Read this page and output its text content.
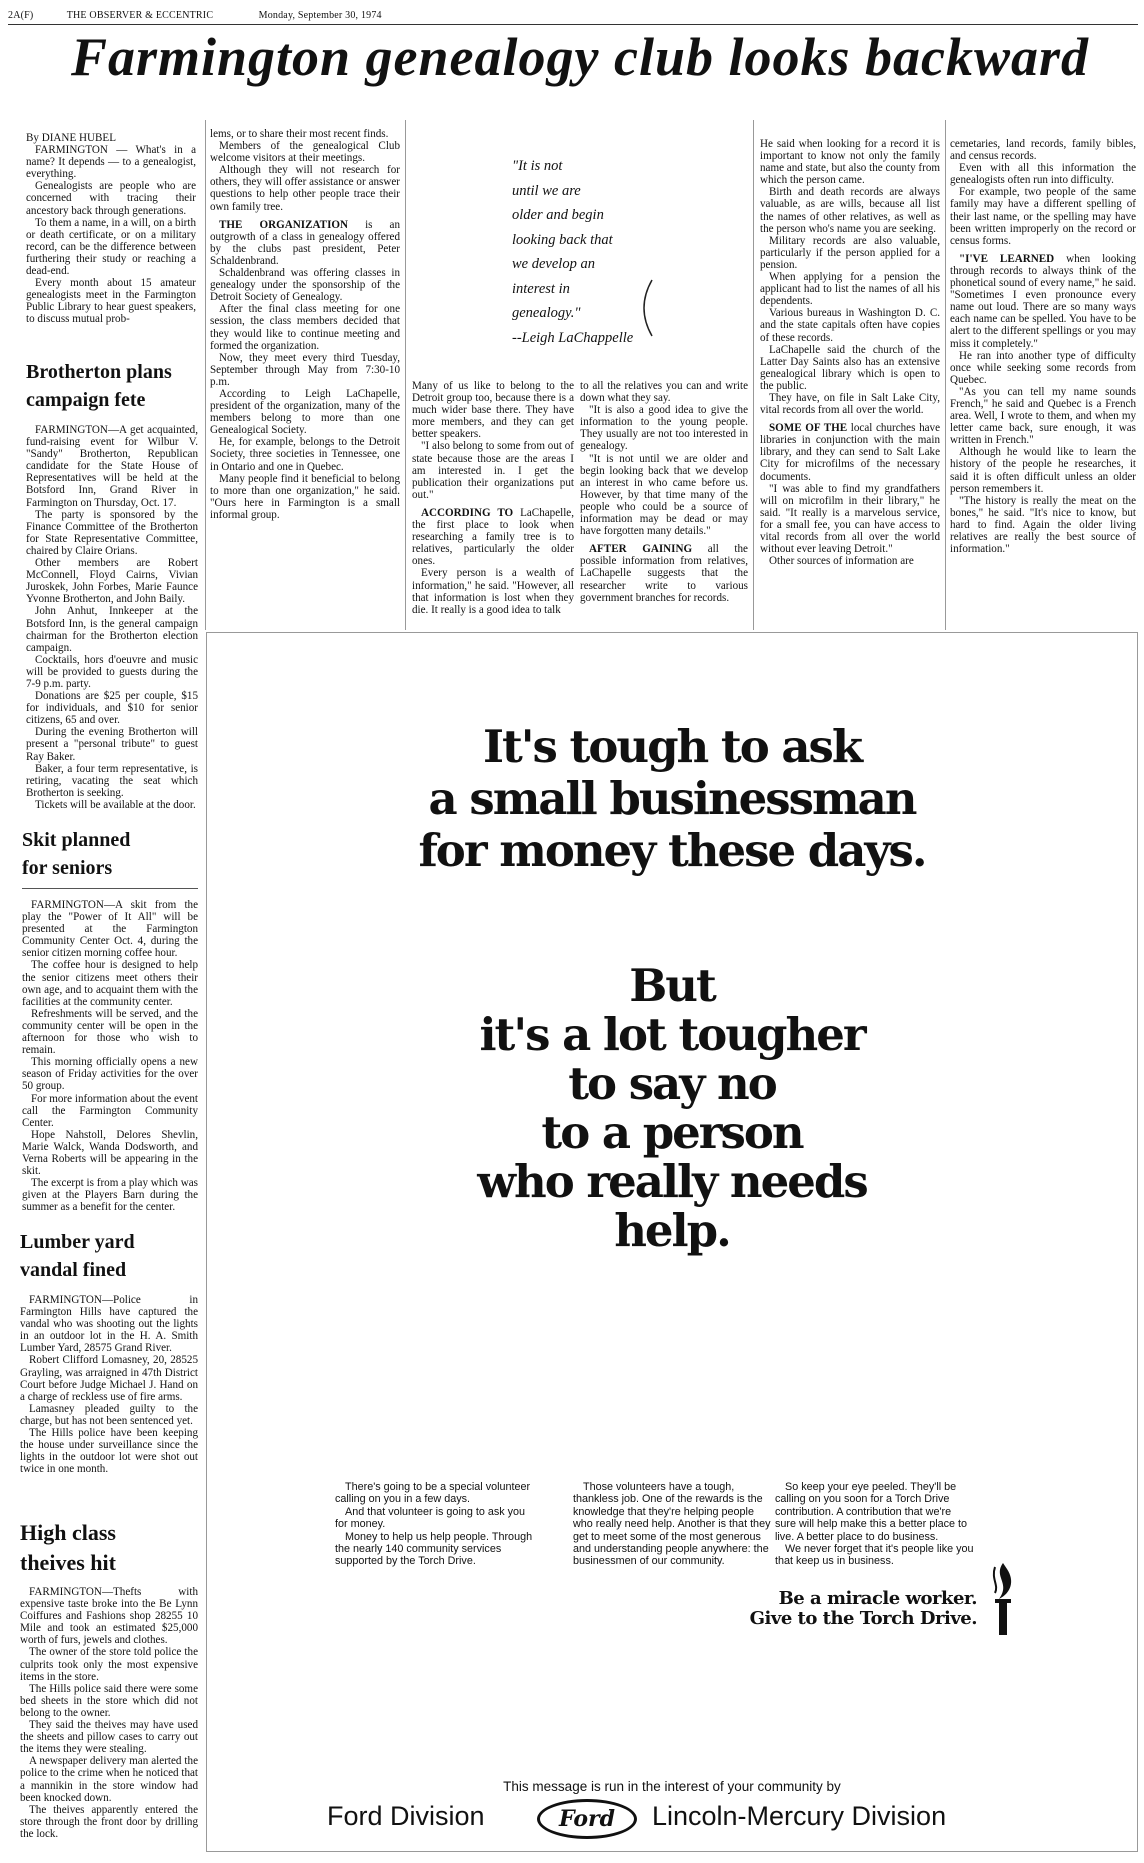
2A(F)	THE OBSERVER & ECCENTRIC	Monday, September 30, 1974
Farmington genealogy club looks backward

By DIANE HUBEL

FARMINGTON — What's in a name? It depends — to a genealogist, everything.

Genealogists are people who are concerned with tracing their ancestory back through generations.

To them a name, in a will, on a birth or death certificate, or on a military record, can be the difference between furthering their study or reaching a dead-end.

Every month about 15 amateur genealogists meet in the Farmington Public Library to hear guest speakers, to discuss mutual prob-

Brotherton plans
campaign fete

FARMINGTON—A get acquainted, fund-raising event for Wilbur V. "Sandy" Brotherton, Republican candidate for the State House of Representatives will be held at the Botsford Inn, Grand River in Farmington on Thursday, Oct. 17.

The party is sponsored by the Finance Committee of the Brotherton for State Representative Committee, chaired by Claire Orians.

Other members are Robert McConnell, Floyd Cairns, Vivian Juroskek, John Forbes, Marie Faunce Yvonne Brotherton, and John Baily.

John Anhut, Innkeeper at the Botsford Inn, is the general campaign chairman for the Brotherton election campaign.

Cocktails, hors d'oeuvre and music will be provided to guests during the 7-9 p.m. party.

Donations are $25 per couple, $15 for individuals, and $10 for senior citizens, 65 and over.

During the evening Brotherton will present a "personal tribute" to guest Ray Baker.

Baker, a four term representative, is retiring, vacating the seat which Brotherton is seeking.

Tickets will be available at the door.

Skit planned
for seniors

FARMINGTON—A skit from the play the "Power of It All" will be presented at the Farmington Community Center Oct. 4, during the senior citizen morning coffee hour.

The coffee hour is designed to help the senior citizens meet others their own age, and to acquaint them with the facilities at the community center.

Refreshments will be served, and the community center will be open in the afternoon for those who wish to remain.

This morning officially opens a new season of Friday activities for the over 50 group.

For more information about the event call the Farmington Community Center.

Hope Nahstoll, Delores Shevlin, Marie Walck, Wanda Dodsworth, and Verna Roberts will be appearing in the skit.

The excerpt is from a play which was given at the Players Barn during the summer as a benefit for the center.

Lumber yard
vandal fined

FARMINGTON—Police in Farmington Hills have captured the vandal who was shooting out the lights in an outdoor lot in the H. A. Smith Lumber Yard, 28575 Grand River.

Robert Clifford Lomasney, 20, 28525 Grayling, was arraigned in 47th District Court before Judge Michael J. Hand on a charge of reckless use of fire arms.

Lamasney pleaded guilty to the charge, but has not been sentenced yet.

The Hills police have been keeping the house under surveillance since the lights in the outdoor lot were shot out twice in one month.

High class
theives hit

FARMINGTON—Thefts with expensive taste broke into the Be Lynn Coiffures and Fashions shop 28255 10 Mile and took an estimated $25,000 worth of furs, jewels and clothes.

The owner of the store told police the culprits took only the most expensive items in the store.

The Hills police said there were some bed sheets in the store which did not belong to the owner.

They said the theives may have used the sheets and pillow cases to carry out the items they were stealing.

A newspaper delivery man alerted the police to the crime when he noticed that a mannikin in the store window had been knocked down.

The theives apparently entered the store through the front door by drilling the lock.

lems, or to share their most recent finds.

Members of the genealogical Club welcome visitors at their meetings.

Although they will not research for others, they will offer assistance or answer questions to help other people trace their own family tree.

THE ORGANIZATION is an outgrowth of a class in genealogy offered by the clubs past president, Peter Schaldenbrand.

Schaldenbrand was offering classes in genealogy under the sponsorship of the Detroit Society of Genealogy.

After the final class meeting for one session, the class members decided that they would like to continue meeting and formed the organization.

Now, they meet every third Tuesday, September through May from 7:30-10 p.m.

According to Leigh LaChapelle, president of the organization, many of the members belong to more than one Genealogical Society.

He, for example, belongs to the Detroit Society, three societies in Tennessee, one in Ontario and one in Quebec.

Many people find it beneficial to belong to more than one organization," he said. "Ours here in Farmington is a small informal group.

"It is not
until we are
older and begin
looking back that
we develop an
interest in
genealogy."
--Leigh LaChappelle

Many of us like to belong to the Detroit group too, because there is a much wider base there. They have more members, and they can get better speakers.

"I also belong to some from out of state because those are the areas I am interested in. I get the publication their organizations put out."

ACCORDING TO LaChapelle, the first place to look when researching a family tree is to relatives, particularly the older ones.

Every person is a wealth of information," he said. "However, all that information is lost when they die. It really is a good idea to talk

to all the relatives you can and write down what they say.

"It is also a good idea to give the information to the young people. They usually are not too interested in genealogy.

"It is not until we are older and begin looking back that we develop an interest in who came before us. However, by that time many of the people who could be a source of information may be dead or may have forgotten many details."

AFTER GAINING all the possible information from relatives, LaChapelle suggests that the researcher write to various government branches for records.

He said when looking for a record it is important to know not only the family name and state, but also the county from which the person came.

Birth and death records are always valuable, as are wills, because all list the names of other relatives, as well as the person who's name you are seeking.

Military records are also valuable, particularly if the person applied for a pension.

When applying for a pension the applicant had to list the names of all his dependents.

Various bureaus in Washington D. C. and the state capitals often have copies of these records.

LaChapelle said the church of the Latter Day Saints also has an extensive genealogical library which is open to the public.

They have, on file in Salt Lake City, vital records from all over the world.

SOME OF THE local churches have libraries in conjunction with the main library, and they can send to Salt Lake City for microfilms of the necessary documents.

"I was able to find my grandfathers will on microfilm in their library," he said. "It really is a marvelous service, for a small fee, you can have access to vital records from all over the world without ever leaving Detroit."

Other sources of information are

cemetaries, land records, family bibles, and census records.

Even with all this information the genealogists often run into difficulty.

For example, two people of the same family may have a different spelling of their last name, or the spelling may have been written improperly on the record or census forms.

"I'VE LEARNED when looking through records to always think of the phonetical sound of every name," he said. "Sometimes I even pronounce every name out loud. There are so many ways each name can be spelled. You have to be alert to the different spellings or you may miss it completely."

He ran into another type of difficulty once while seeking some records from Quebec.

"As you can tell my name sounds French," he said and Quebec is a French area. Well, I wrote to them, and when my letter came back, sure enough, it was written in French."

Although he would like to learn the history of the people he researches, it said it is often difficult unless an older person remembers it.

"The history is really the meat on the bones," he said. "It's nice to know, but hard to find. Again the older living relatives are really the best source of information."

It's tough to ask
a small businessman
for money these days.
But
it's a lot tougher
to say no
to a person
who really needs
help.

There's going to be a special volunteer calling on you in a few days.

And that volunteer is going to ask you for money.

Money to help us help people. Through the nearly 140 community services supported by the Torch Drive.

Those volunteers have a tough, thankless job. One of the rewards is the knowledge that they're helping people who really need help. Another is that they get to meet some of the most generous and understanding people anywhere: the businessmen of our community.

So keep your eye peeled. They'll be calling on you soon for a Torch Drive contribution. A contribution that we're sure will help make this a better place to live. A better place to do business.

We never forget that it's people like you that keep us in business.

Be a miracle worker.
Give to the Torch Drive.
This message is run in the interest of your community by
Ford Division	Ford	Lincoln-Mercury Division
